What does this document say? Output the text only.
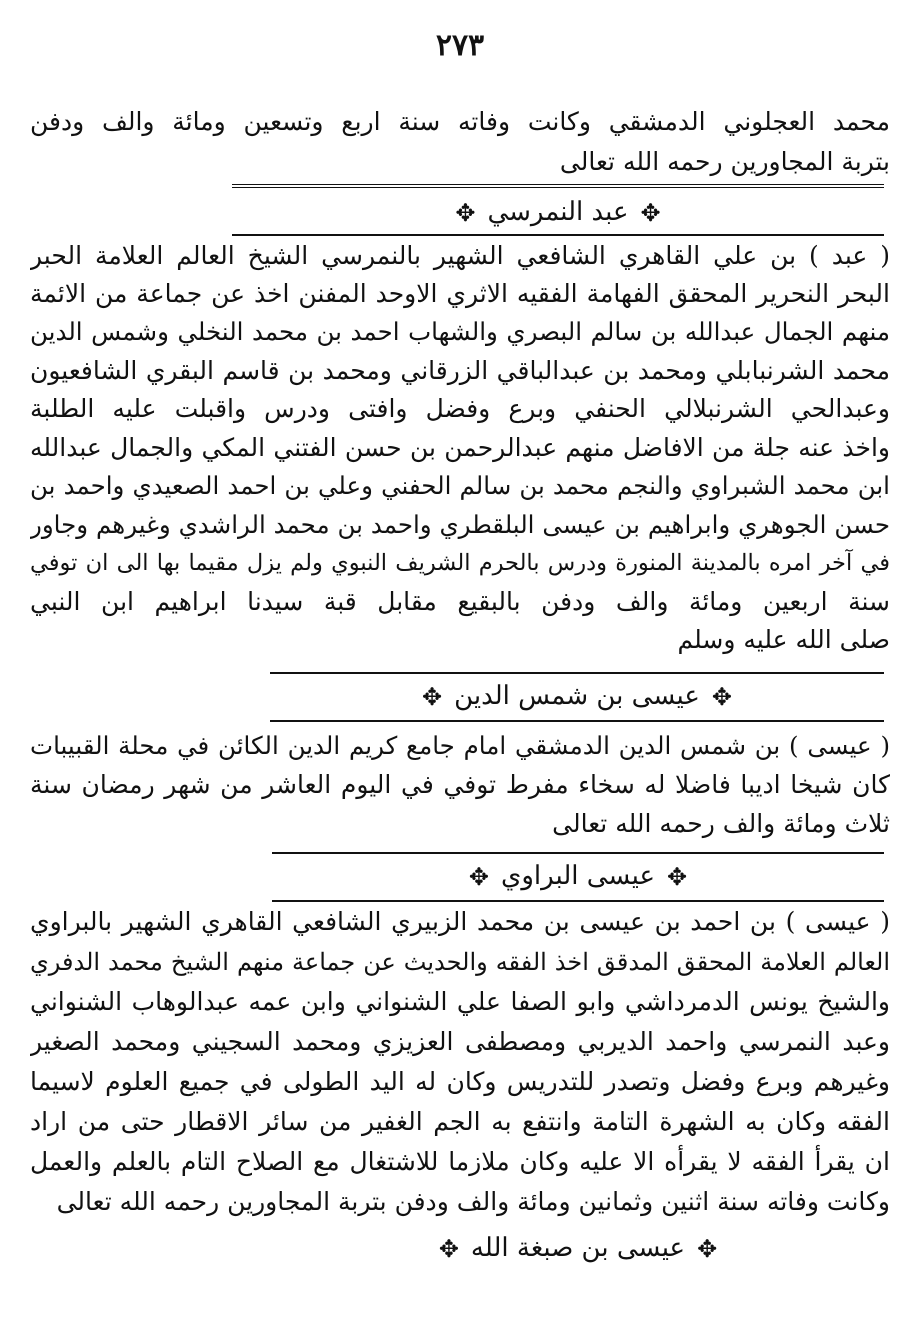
٢٧٣
محمد العجلوني الدمشقي وكانت وفاته سنة اربع وتسعين ومائة والف ودفن
بتربة المجاورين رحمه الله تعالى
✥عبد النمرسي✥
( عبد ) بن علي القاهري الشافعي الشهير بالنمرسي الشيخ العالم العلامة الحبر
البحر النحرير المحقق الفهامة الفقيه الاثري الاوحد المفنن اخذ عن جماعة من الائمة
منهم الجمال عبدالله بن سالم البصري والشهاب احمد بن محمد النخلي وشمس الدين
محمد الشرنبابلي ومحمد بن عبدالباقي الزرقاني ومحمد بن قاسم البقري الشافعيون
وعبدالحي الشرنبلالي الحنفي وبرع وفضل وافتى ودرس واقبلت عليه الطلبة
واخذ عنه جلة من الافاضل منهم عبدالرحمن بن حسن الفتني المكي والجمال عبدالله
ابن محمد الشبراوي والنجم محمد بن سالم الحفني وعلي بن احمد الصعيدي واحمد بن
حسن الجوهري وابراهيم بن عيسى البلقطري واحمد بن محمد الراشدي وغيرهم وجاور
في آخر امره بالمدينة المنورة ودرس بالحرم الشريف النبوي ولم يزل مقيما بها الى ان توفي
سنة اربعين ومائة والف ودفن بالبقيع مقابل قبة سيدنا ابراهيم ابن النبي
صلى الله عليه وسلم
✥عيسى بن شمس الدين✥
( عيسى ) بن شمس الدين الدمشقي امام جامع كريم الدين الكائن في محلة القبيبات
كان شيخا اديبا فاضلا له سخاء مفرط توفي في اليوم العاشر من شهر رمضان سنة
ثلاث ومائة والف رحمه الله تعالى
✥عيسى البراوي✥
( عيسى ) بن احمد بن عيسى بن محمد الزبيري الشافعي القاهري الشهير بالبراوي
العالم العلامة المحقق المدقق اخذ الفقه والحديث عن جماعة منهم الشيخ محمد الدفري
والشيخ يونس الدمرداشي وابو الصفا علي الشنواني وابن عمه عبدالوهاب الشنواني
وعبد النمرسي واحمد الديربي ومصطفى العزيزي ومحمد السجيني ومحمد الصغير
وغيرهم وبرع وفضل وتصدر للتدريس وكان له اليد الطولى في جميع العلوم لاسيما
الفقه وكان به الشهرة التامة وانتفع به الجم الغفير من سائر الاقطار حتى من اراد
ان يقرأ الفقه لا يقرأه الا عليه وكان ملازما للاشتغال مع الصلاح التام بالعلم والعمل
وكانت وفاته سنة اثنين وثمانين ومائة والف ودفن بتربة المجاورين رحمه الله تعالى
✥عيسى بن صبغة الله✥
